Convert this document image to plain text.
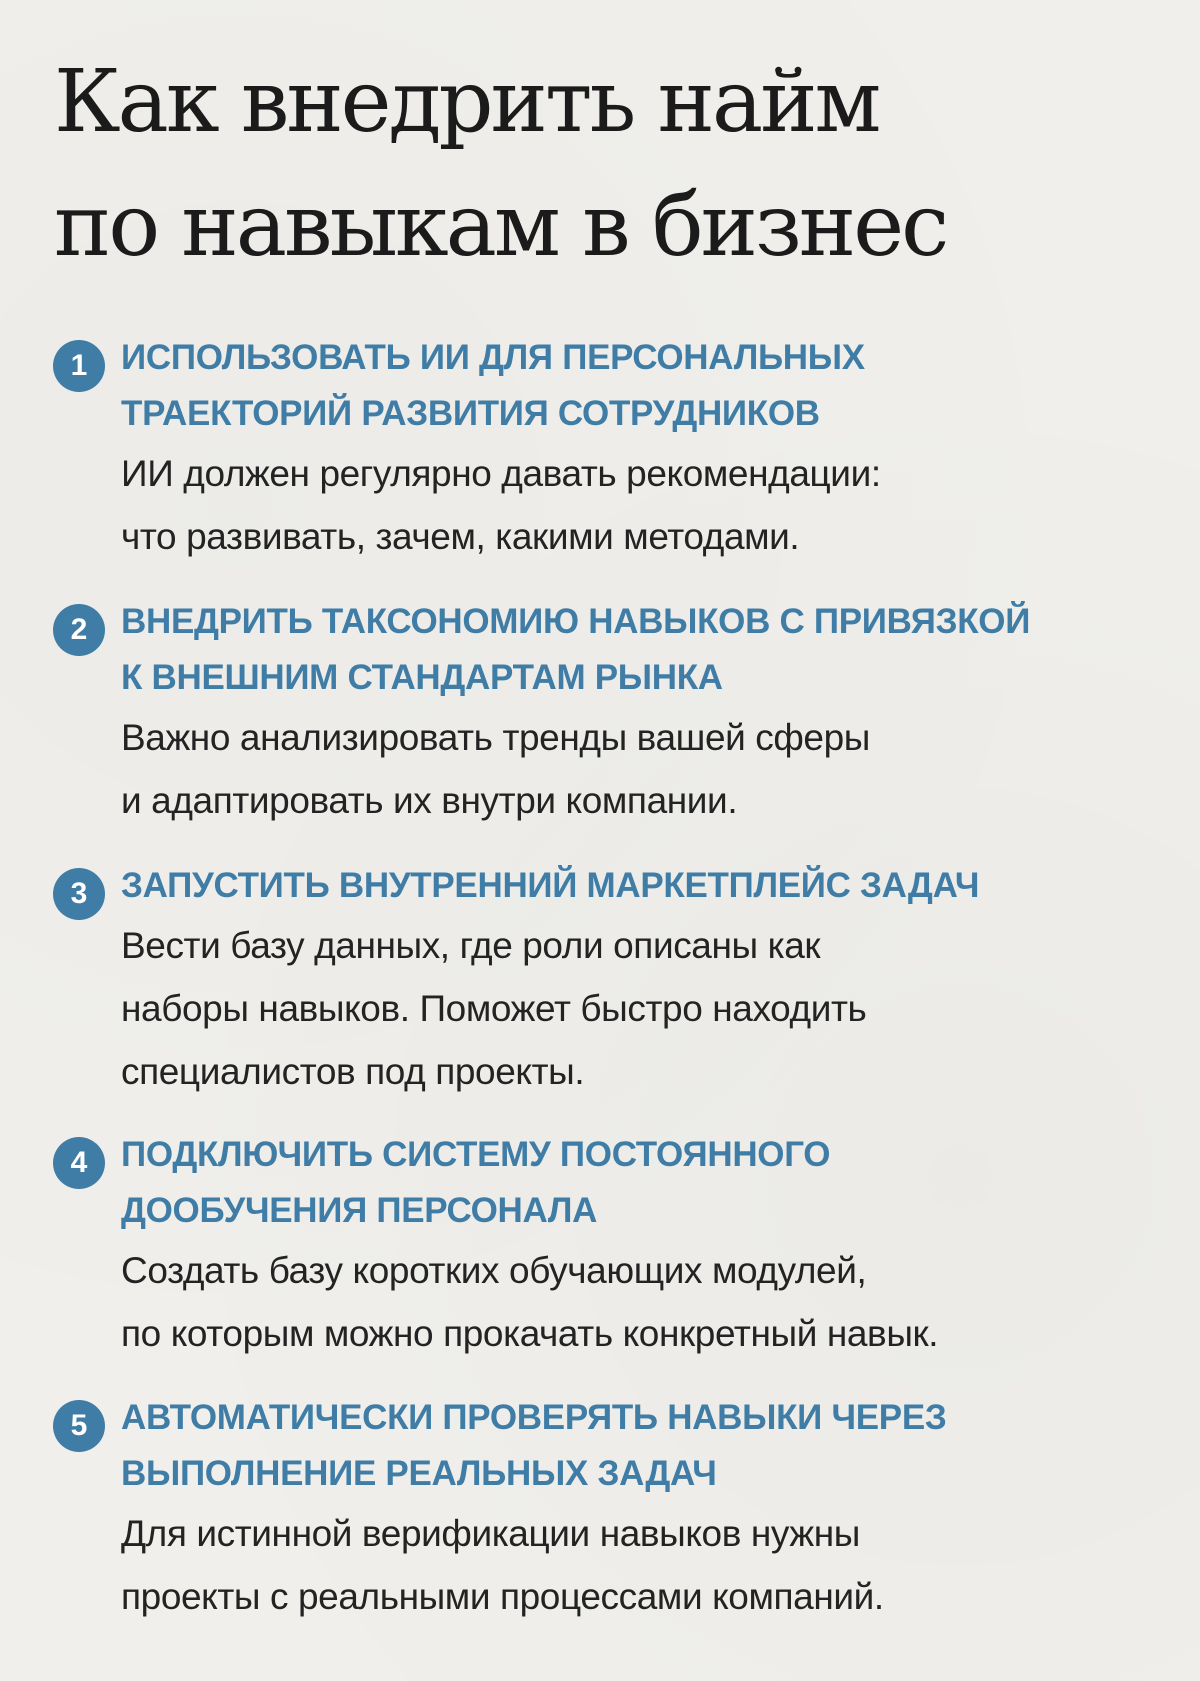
Как внедрить найм
по навыкам в бизнес
1 ИСПОЛЬЗОВАТЬ ИИ ДЛЯ ПЕРСОНАЛЬНЫХ
ТРАЕКТОРИЙ РАЗВИТИЯ СОТРУДНИКОВ

ИИ должен регулярно давать рекомендации:
что развивать, зачем, какими методами.

2 ВНЕДРИТЬ ТАКСОНОМИЮ НАВЫКОВ С ПРИВЯЗКОЙ
К ВНЕШНИМ СТАНДАРТАМ РЫНКА

Важно анализировать тренды вашей сферы
и адаптировать их внутри компании.

3 ЗАПУСТИТЬ ВНУТРЕННИЙ МАРКЕТПЛЕЙС ЗАДАЧ

Вести базу данных, где роли описаны как
наборы навыков. Поможет быстро находить
специалистов под проекты.

4 ПОДКЛЮЧИТЬ СИСТЕМУ ПОСТОЯННОГО
ДООБУЧЕНИЯ ПЕРСОНАЛА

Создать базу коротких обучающих модулей,
по которым можно прокачать конкретный навык.

5 АВТОМАТИЧЕСКИ ПРОВЕРЯТЬ НАВЫКИ ЧЕРЕЗ
ВЫПОЛНЕНИЕ РЕАЛЬНЫХ ЗАДАЧ

Для истинной верификации навыков нужны
проекты с реальными процессами компаний.
